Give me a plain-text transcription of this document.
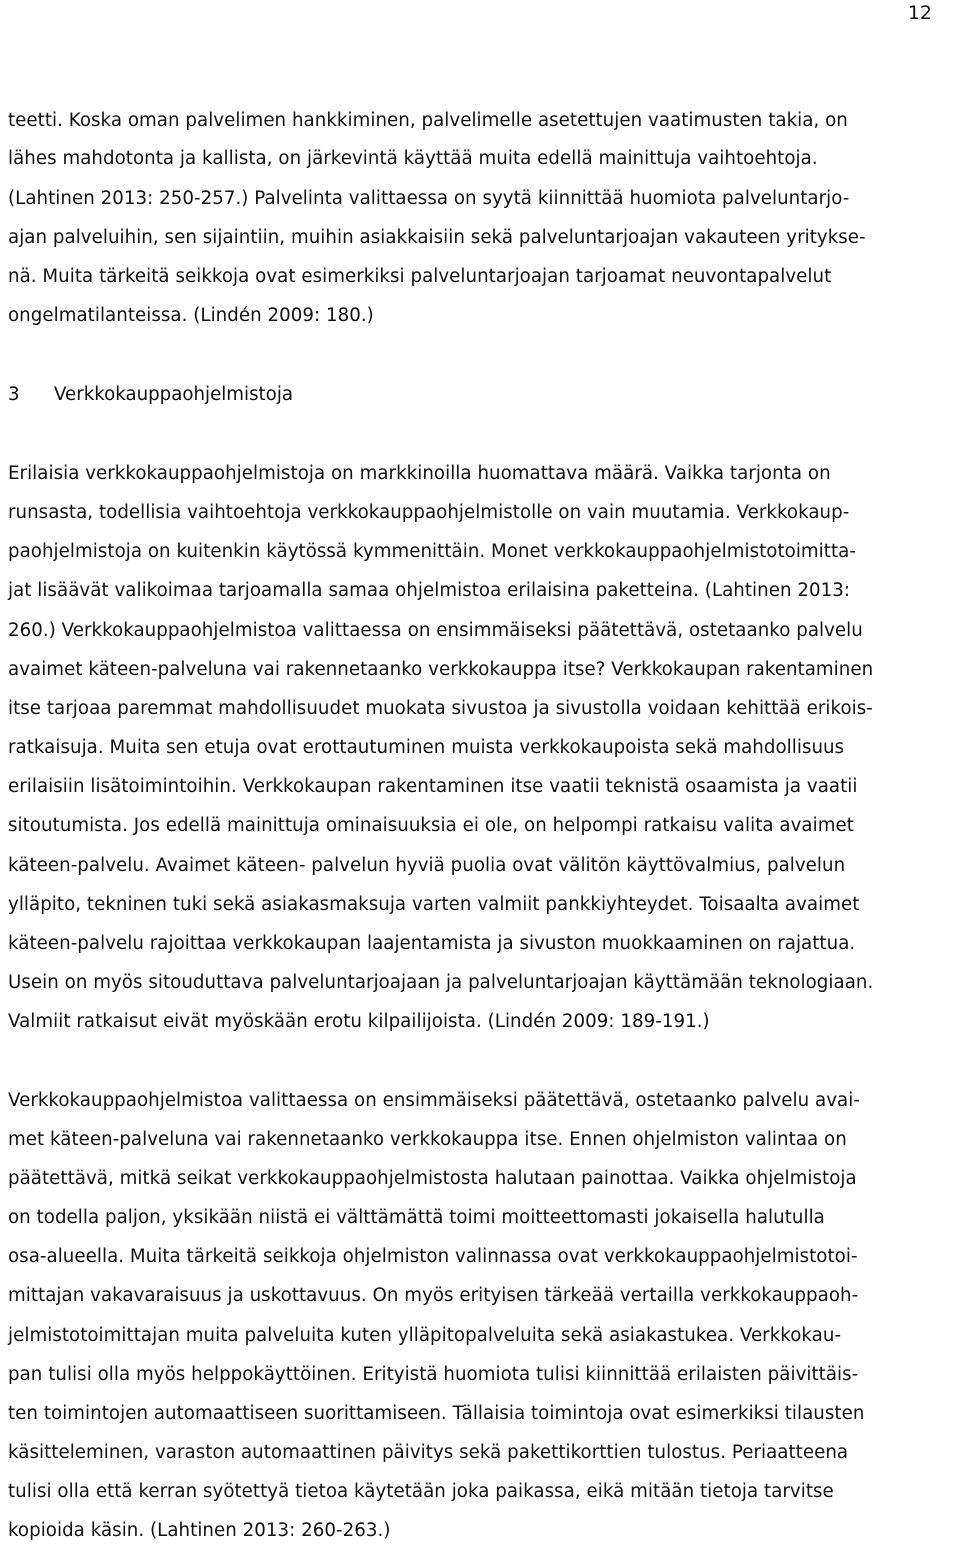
12
teetti. Koska oman palvelimen hankkiminen, palvelimelle asetettujen vaatimusten takia, on
lähes mahdotonta ja kallista, on järkevintä käyttää muita edellä mainittuja vaihtoehtoja.
(Lahtinen 2013: 250-257.) Palvelinta valittaessa on syytä kiinnittää huomiota palveluntarjo-
ajan palveluihin, sen sijaintiin, muihin asiakkaisiin sekä palveluntarjoajan vakauteen yritykse-
nä. Muita tärkeitä seikkoja ovat esimerkiksi palveluntarjoajan tarjoamat neuvontapalvelut
ongelmatilanteissa. (Lindén 2009: 180.)
3 Verkkokauppaohjelmistoja
Erilaisia verkkokauppaohjelmistoja on markkinoilla huomattava määrä. Vaikka tarjonta on
runsasta, todellisia vaihtoehtoja verkkokauppaohjelmistolle on vain muutamia. Verkkokaup-
paohjelmistoja on kuitenkin käytössä kymmenittäin. Monet verkkokauppaohjelmistotoimitta-
jat lisäävät valikoimaa tarjoamalla samaa ohjelmistoa erilaisina paketteina. (Lahtinen 2013:
260.) Verkkokauppaohjelmistoa valittaessa on ensimmäiseksi päätettävä, ostetaanko palvelu
avaimet käteen-palveluna vai rakennetaanko verkkokauppa itse? Verkkokaupan rakentaminen
itse tarjoaa paremmat mahdollisuudet muokata sivustoa ja sivustolla voidaan kehittää erikois-
ratkaisuja. Muita sen etuja ovat erottautuminen muista verkkokaupoista sekä mahdollisuus
erilaisiin lisätoimintoihin. Verkkokaupan rakentaminen itse vaatii teknistä osaamista ja vaatii
sitoutumista. Jos edellä mainittuja ominaisuuksia ei ole, on helpompi ratkaisu valita avaimet
käteen-palvelu. Avaimet käteen- palvelun hyviä puolia ovat välitön käyttövalmius, palvelun
ylläpito, tekninen tuki sekä asiakasmaksuja varten valmiit pankkiyhteydet. Toisaalta avaimet
käteen-palvelu rajoittaa verkkokaupan laajentamista ja sivuston muokkaaminen on rajattua.
Usein on myös sitouduttava palveluntarjoajaan ja palveluntarjoajan käyttämään teknologiaan.
Valmiit ratkaisut eivät myöskään erotu kilpailijoista. (Lindén 2009: 189-191.)
Verkkokauppaohjelmistoa valittaessa on ensimmäiseksi päätettävä, ostetaanko palvelu avai-
met käteen-palveluna vai rakennetaanko verkkokauppa itse. Ennen ohjelmiston valintaa on
päätettävä, mitkä seikat verkkokauppaohjelmistosta halutaan painottaa. Vaikka ohjelmistoja
on todella paljon, yksikään niistä ei välttämättä toimi moitteettomasti jokaisella halutulla
osa-alueella. Muita tärkeitä seikkoja ohjelmiston valinnassa ovat verkkokauppaohjelmistotoi-
mittajan vakavaraisuus ja uskottavuus. On myös erityisen tärkeää vertailla verkkokauppaoh-
jelmistotoimittajan muita palveluita kuten ylläpitopalveluita sekä asiakastukea. Verkkokau-
pan tulisi olla myös helppokäyttöinen. Erityistä huomiota tulisi kiinnittää erilaisten päivittäis-
ten toimintojen automaattiseen suorittamiseen. Tällaisia toimintoja ovat esimerkiksi tilausten
käsitteleminen, varaston automaattinen päivitys sekä pakettikorttien tulostus. Periaatteena
tulisi olla että kerran syötettyä tietoa käytetään joka paikassa, eikä mitään tietoja tarvitse
kopioida käsin. (Lahtinen 2013: 260-263.)
